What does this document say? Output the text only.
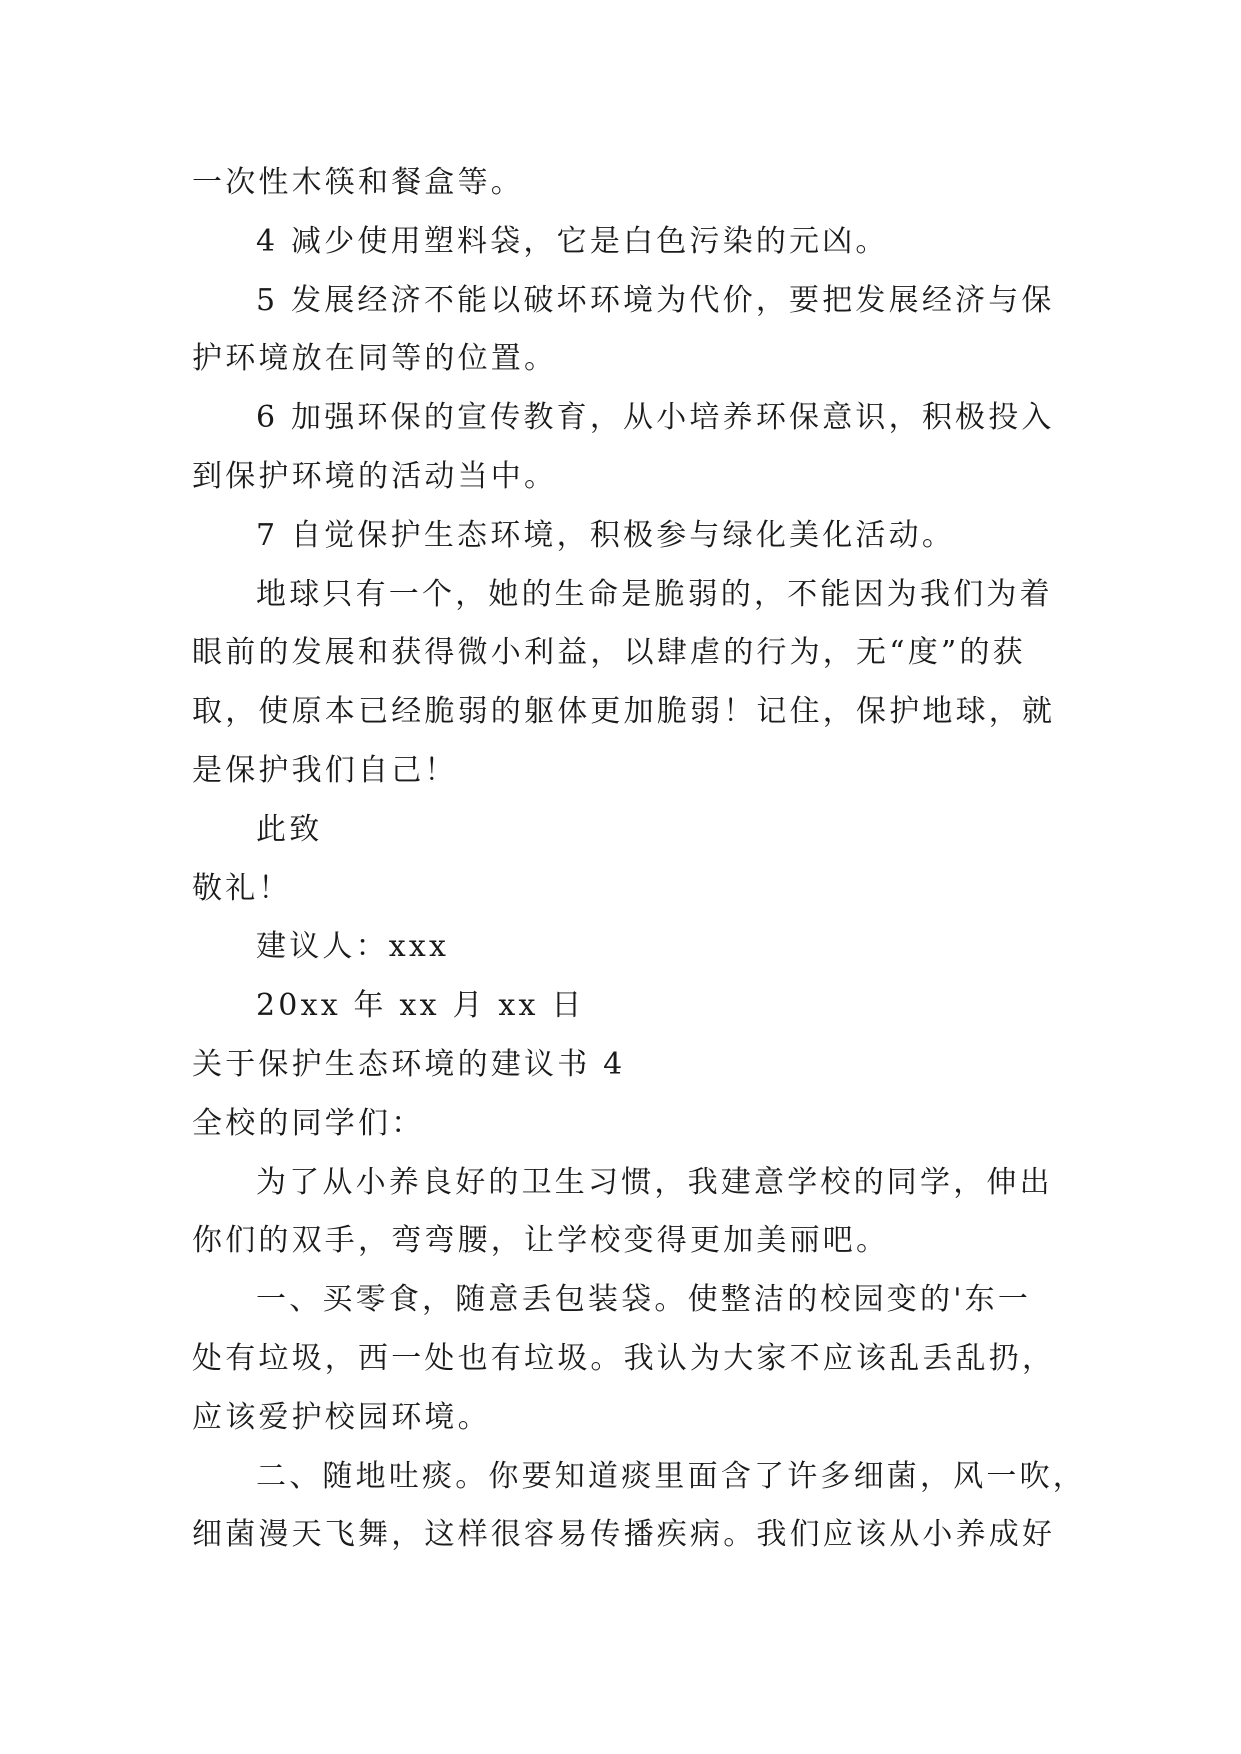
一次性木筷和餐盒等。
4 减少使用塑料袋，它是白色污染的元凶。
5 发展经济不能以破坏环境为代价，要把发展经济与保
护环境放在同等的位置。
6 加强环保的宣传教育，从小培养环保意识，积极投入
到保护环境的活动当中。
7 自觉保护生态环境，积极参与绿化美化活动。
地球只有一个，她的生命是脆弱的，不能因为我们为着
眼前的发展和获得微小利益，以肆虐的行为，无“度”的获
取，使原本已经脆弱的躯体更加脆弱！记住，保护地球，就
是保护我们自己！
此致
敬礼！
建议人：xxx
20xx 年 xx 月 xx 日
关于保护生态环境的建议书 4
全校的同学们：
为了从小养良好的卫生习惯，我建意学校的同学，伸出
你们的双手，弯弯腰，让学校变得更加美丽吧。
一、买零食，随意丢包装袋。使整洁的校园变的'东一
处有垃圾，西一处也有垃圾。我认为大家不应该乱丢乱扔，
应该爱护校园环境。
二、随地吐痰。你要知道痰里面含了许多细菌，风一吹，
细菌漫天飞舞，这样很容易传播疾病。我们应该从小养成好
